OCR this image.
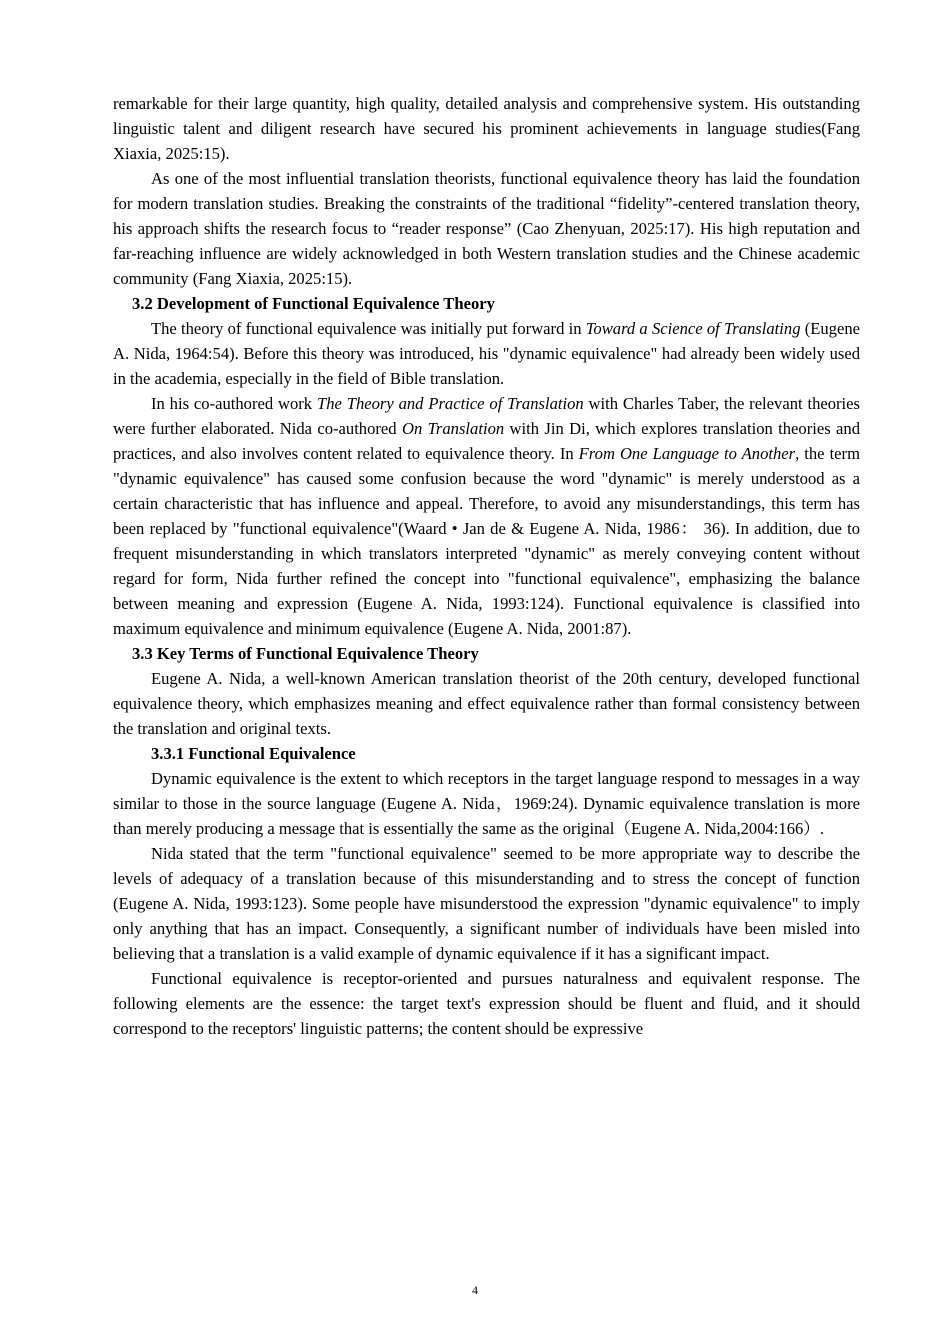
remarkable for their large quantity, high quality, detailed analysis and comprehensive system. His outstanding linguistic talent and diligent research have secured his prominent achievements in language studies(Fang Xiaxia, 2025:15).

As one of the most influential translation theorists, functional equivalence theory has laid the foundation for modern translation studies. Breaking the constraints of the traditional “fidelity”-centered translation theory, his approach shifts the research focus to “reader response” (Cao Zhenyuan, 2025:17). His high reputation and far-reaching influence are widely acknowledged in both Western translation studies and the Chinese academic community (Fang Xiaxia, 2025:15).

3.2 Development of Functional Equivalence Theory

The theory of functional equivalence was initially put forward in Toward a Science of Translating (Eugene A. Nida, 1964:54). Before this theory was introduced, his "dynamic equivalence" had already been widely used in the academia, especially in the field of Bible translation.

In his co-authored work The Theory and Practice of Translation with Charles Taber, the relevant theories were further elaborated. Nida co-authored On Translation with Jin Di, which explores translation theories and practices, and also involves content related to equivalence theory. In From One Language to Another, the term "dynamic equivalence" has caused some confusion because the word "dynamic" is merely understood as a certain characteristic that has influence and appeal. Therefore, to avoid any misunderstandings, this term has been replaced by "functional equivalence"(Waard • Jan de & Eugene A. Nida, 1986： 36). In addition, due to frequent misunderstanding in which translators interpreted "dynamic" as merely conveying content without regard for form, Nida further refined the concept into "functional equivalence", emphasizing the balance between meaning and expression (Eugene A. Nida, 1993:124). Functional equivalence is classified into maximum equivalence and minimum equivalence (Eugene A. Nida, 2001:87).

3.3 Key Terms of Functional Equivalence Theory

Eugene A. Nida, a well-known American translation theorist of the 20th century, developed functional equivalence theory, which emphasizes meaning and effect equivalence rather than formal consistency between the translation and original texts.

3.3.1 Functional Equivalence

Dynamic equivalence is the extent to which receptors in the target language respond to messages in a way similar to those in the source language (Eugene A. Nida，1969:24). Dynamic equivalence translation is more than merely producing a message that is essentially the same as the original（Eugene A. Nida,2004:166）.

Nida stated that the term "functional equivalence" seemed to be more appropriate way to describe the levels of adequacy of a translation because of this misunderstanding and to stress the concept of function (Eugene A. Nida, 1993:123). Some people have misunderstood the expression "dynamic equivalence" to imply only anything that has an impact. Consequently, a significant number of individuals have been misled into believing that a translation is a valid example of dynamic equivalence if it has a significant impact.

Functional equivalence is receptor-oriented and pursues naturalness and equivalent response. The following elements are the essence: the target text's expression should be fluent and fluid, and it should correspond to the receptors' linguistic patterns; the content should be expressive

4
